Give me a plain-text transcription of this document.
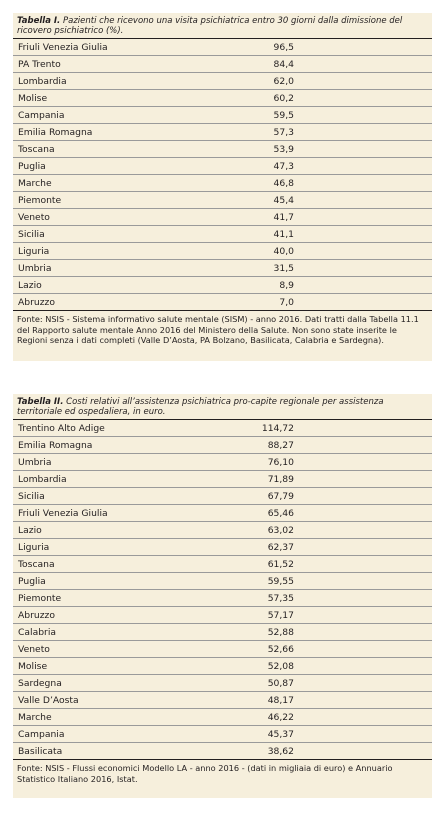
Tabella I. Pazienti che ricevono una visita psichiatrica entro 30 giorni dalla dimissione del ricovero psichiatrico (%).
Friuli Venezia Giulia	96,5
PA Trento	84,4
Lombardia	62,0
Molise	60,2
Campania	59,5
Emilia Romagna	57,3
Toscana	53,9
Puglia	47,3
Marche	46,8
Piemonte	45,4
Veneto	41,7
Sicilia	41,1
Liguria	40,0
Umbria	31,5
Lazio	8,9
Abruzzo	7,0
Fonte: NSIS - Sistema informativo salute mentale (SISM) - anno 2016. Dati tratti dalla Tabella 11.1 del Rapporto salute mentale Anno 2016 del Ministero della Salute. Non sono state inserite le Regioni senza i dati completi (Valle D’Aosta, PA Bolzano, Basilicata, Calabria e Sardegna).
Tabella II. Costi relativi all’assistenza psichiatrica pro-capite regionale per assistenza territoriale ed ospedaliera, in euro.
Trentino Alto Adige	114,72
Emilia Romagna	88,27
Umbria	76,10
Lombardia	71,89
Sicilia	67,79
Friuli Venezia Giulia	65,46
Lazio	63,02
Liguria	62,37
Toscana	61,52
Puglia	59,55
Piemonte	57,35
Abruzzo	57,17
Calabria	52,88
Veneto	52,66
Molise	52,08
Sardegna	50,87
Valle D’Aosta	48,17
Marche	46,22
Campania	45,37
Basilicata	38,62
Fonte: NSIS - Flussi economici Modello LA - anno 2016 - (dati in migliaia di euro) e Annuario Statistico Italiano 2016, Istat.
